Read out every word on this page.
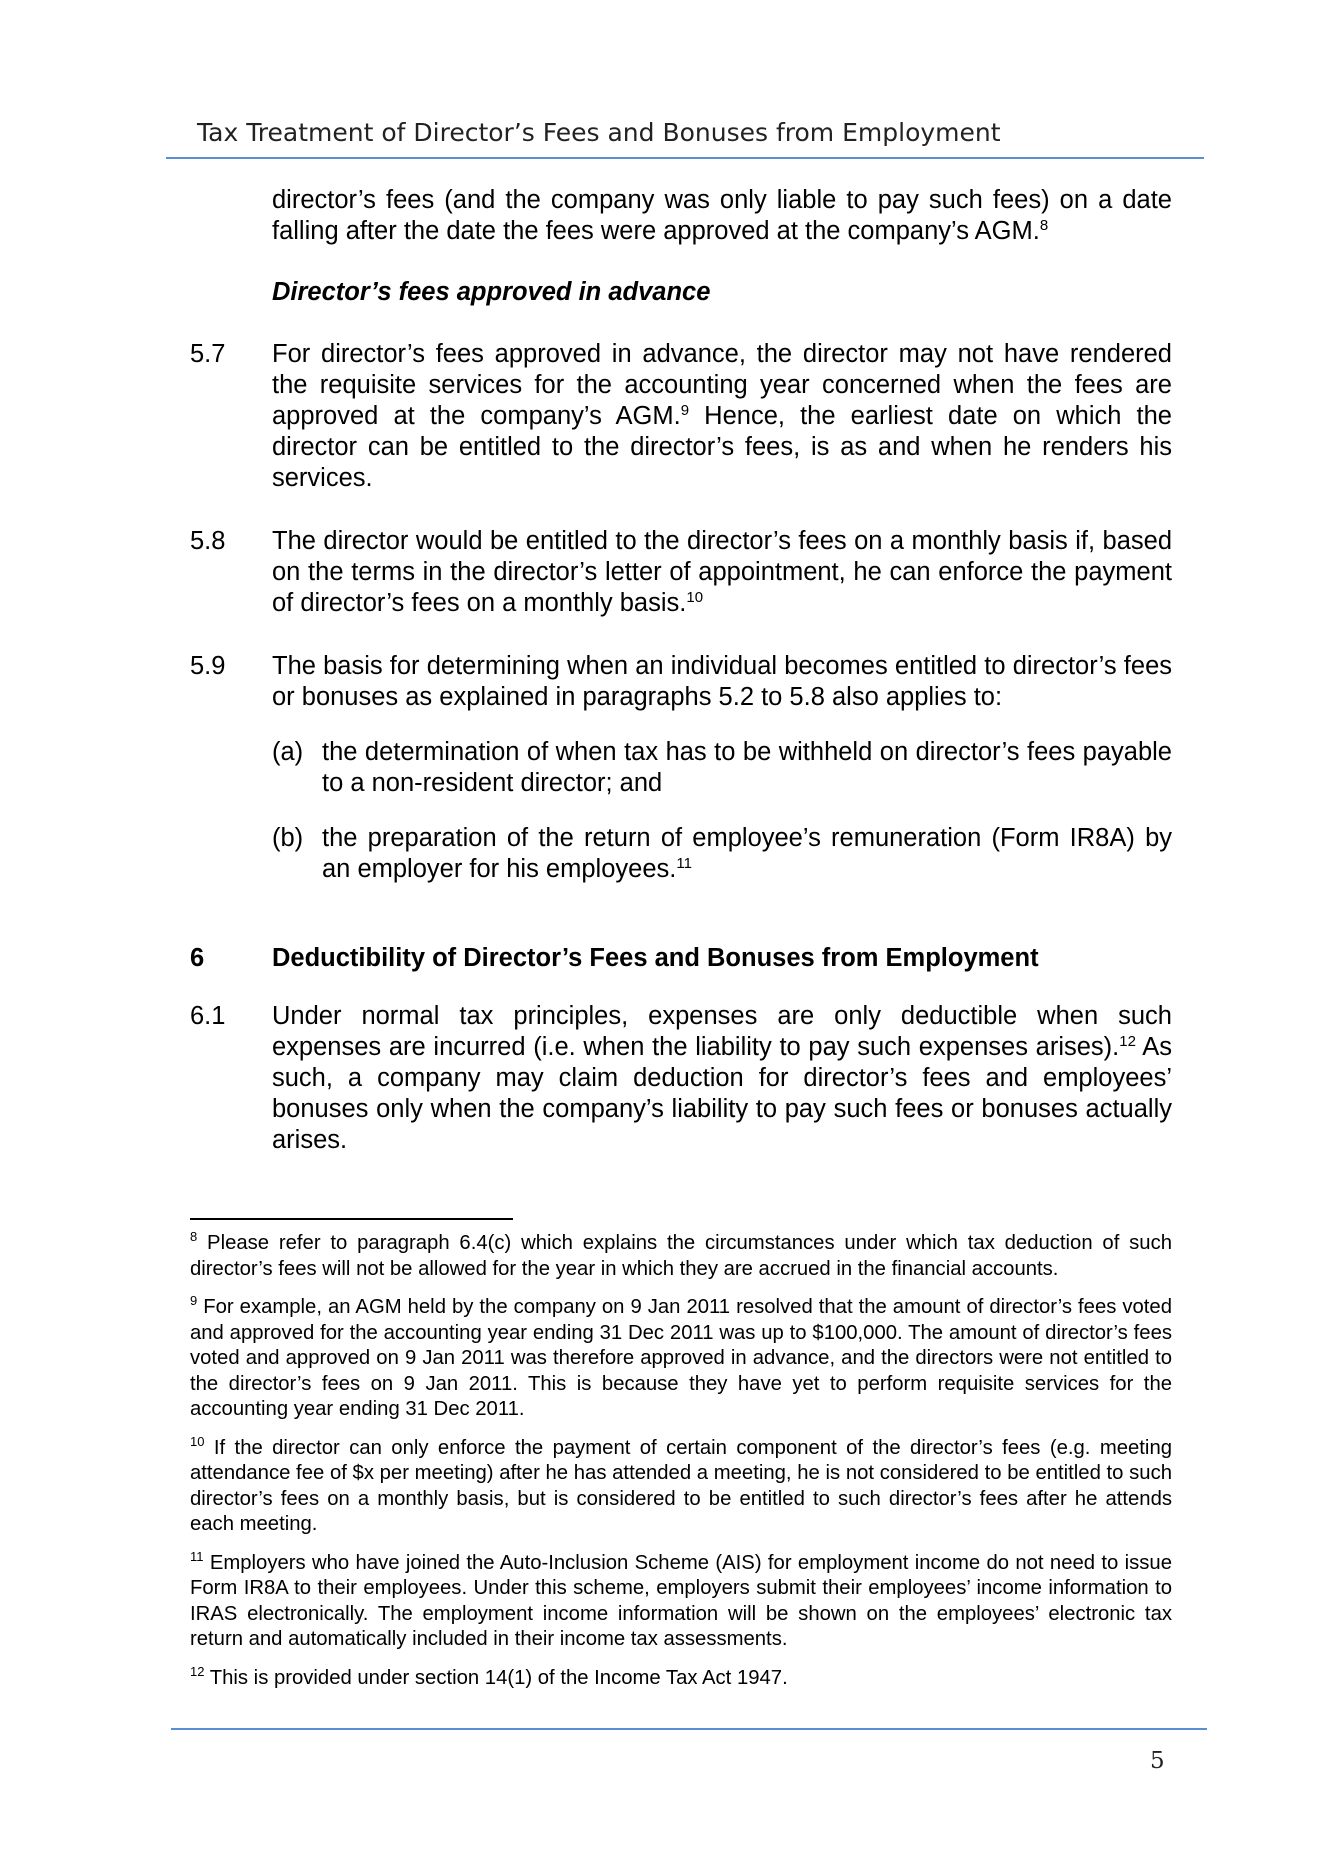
Tax Treatment of Director’s Fees and Bonuses from Employment
director’s fees (and the company was only liable to pay such fees) on a date falling after the date the fees were approved at the company’s AGM.$^8$
Director’s fees approved in advance
5.7	For director’s fees approved in advance, the director may not have rendered the requisite services for the accounting year concerned when the fees are approved at the company’s AGM.$^9$ Hence, the earliest date on which the director can be entitled to the director’s fees, is as and when he renders his services.
5.8	The director would be entitled to the director’s fees on a monthly basis if, based on the terms in the director’s letter of appointment, he can enforce the payment of director’s fees on a monthly basis.$^{10}$
5.9	The basis for determining when an individual becomes entitled to director’s fees or bonuses as explained in paragraphs 5.2 to 5.8 also applies to:
(a) the determination of when tax has to be withheld on director’s fees payable to a non-resident director; and
(b) the preparation of the return of employee’s remuneration (Form IR8A) by an employer for his employees.$^{11}$
6	Deductibility of Director’s Fees and Bonuses from Employment
6.1	Under normal tax principles, expenses are only deductible when such expenses are incurred (i.e. when the liability to pay such expenses arises).$^{12}$ As such, a company may claim deduction for director’s fees and employees’ bonuses only when the company’s liability to pay such fees or bonuses actually arises.
$^8$ Please refer to paragraph 6.4(c) which explains the circumstances under which tax deduction of such director’s fees will not be allowed for the year in which they are accrued in the financial accounts.
$^9$ For example, an AGM held by the company on 9 Jan 2011 resolved that the amount of director’s fees voted and approved for the accounting year ending 31 Dec 2011 was up to $100,000. The amount of director’s fees voted and approved on 9 Jan 2011 was therefore approved in advance, and the directors were not entitled to the director’s fees on 9 Jan 2011. This is because they have yet to perform requisite services for the accounting year ending 31 Dec 2011.
$^{10}$ If the director can only enforce the payment of certain component of the director’s fees (e.g. meeting attendance fee of $x per meeting) after he has attended a meeting, he is not considered to be entitled to such director’s fees on a monthly basis, but is considered to be entitled to such director’s fees after he attends each meeting.
$^{11}$ Employers who have joined the Auto-Inclusion Scheme (AIS) for employment income do not need to issue Form IR8A to their employees. Under this scheme, employers submit their employees’ income information to IRAS electronically. The employment income information will be shown on the employees’ electronic tax return and automatically included in their income tax assessments.
$^{12}$ This is provided under section 14(1) of the Income Tax Act 1947.
5
